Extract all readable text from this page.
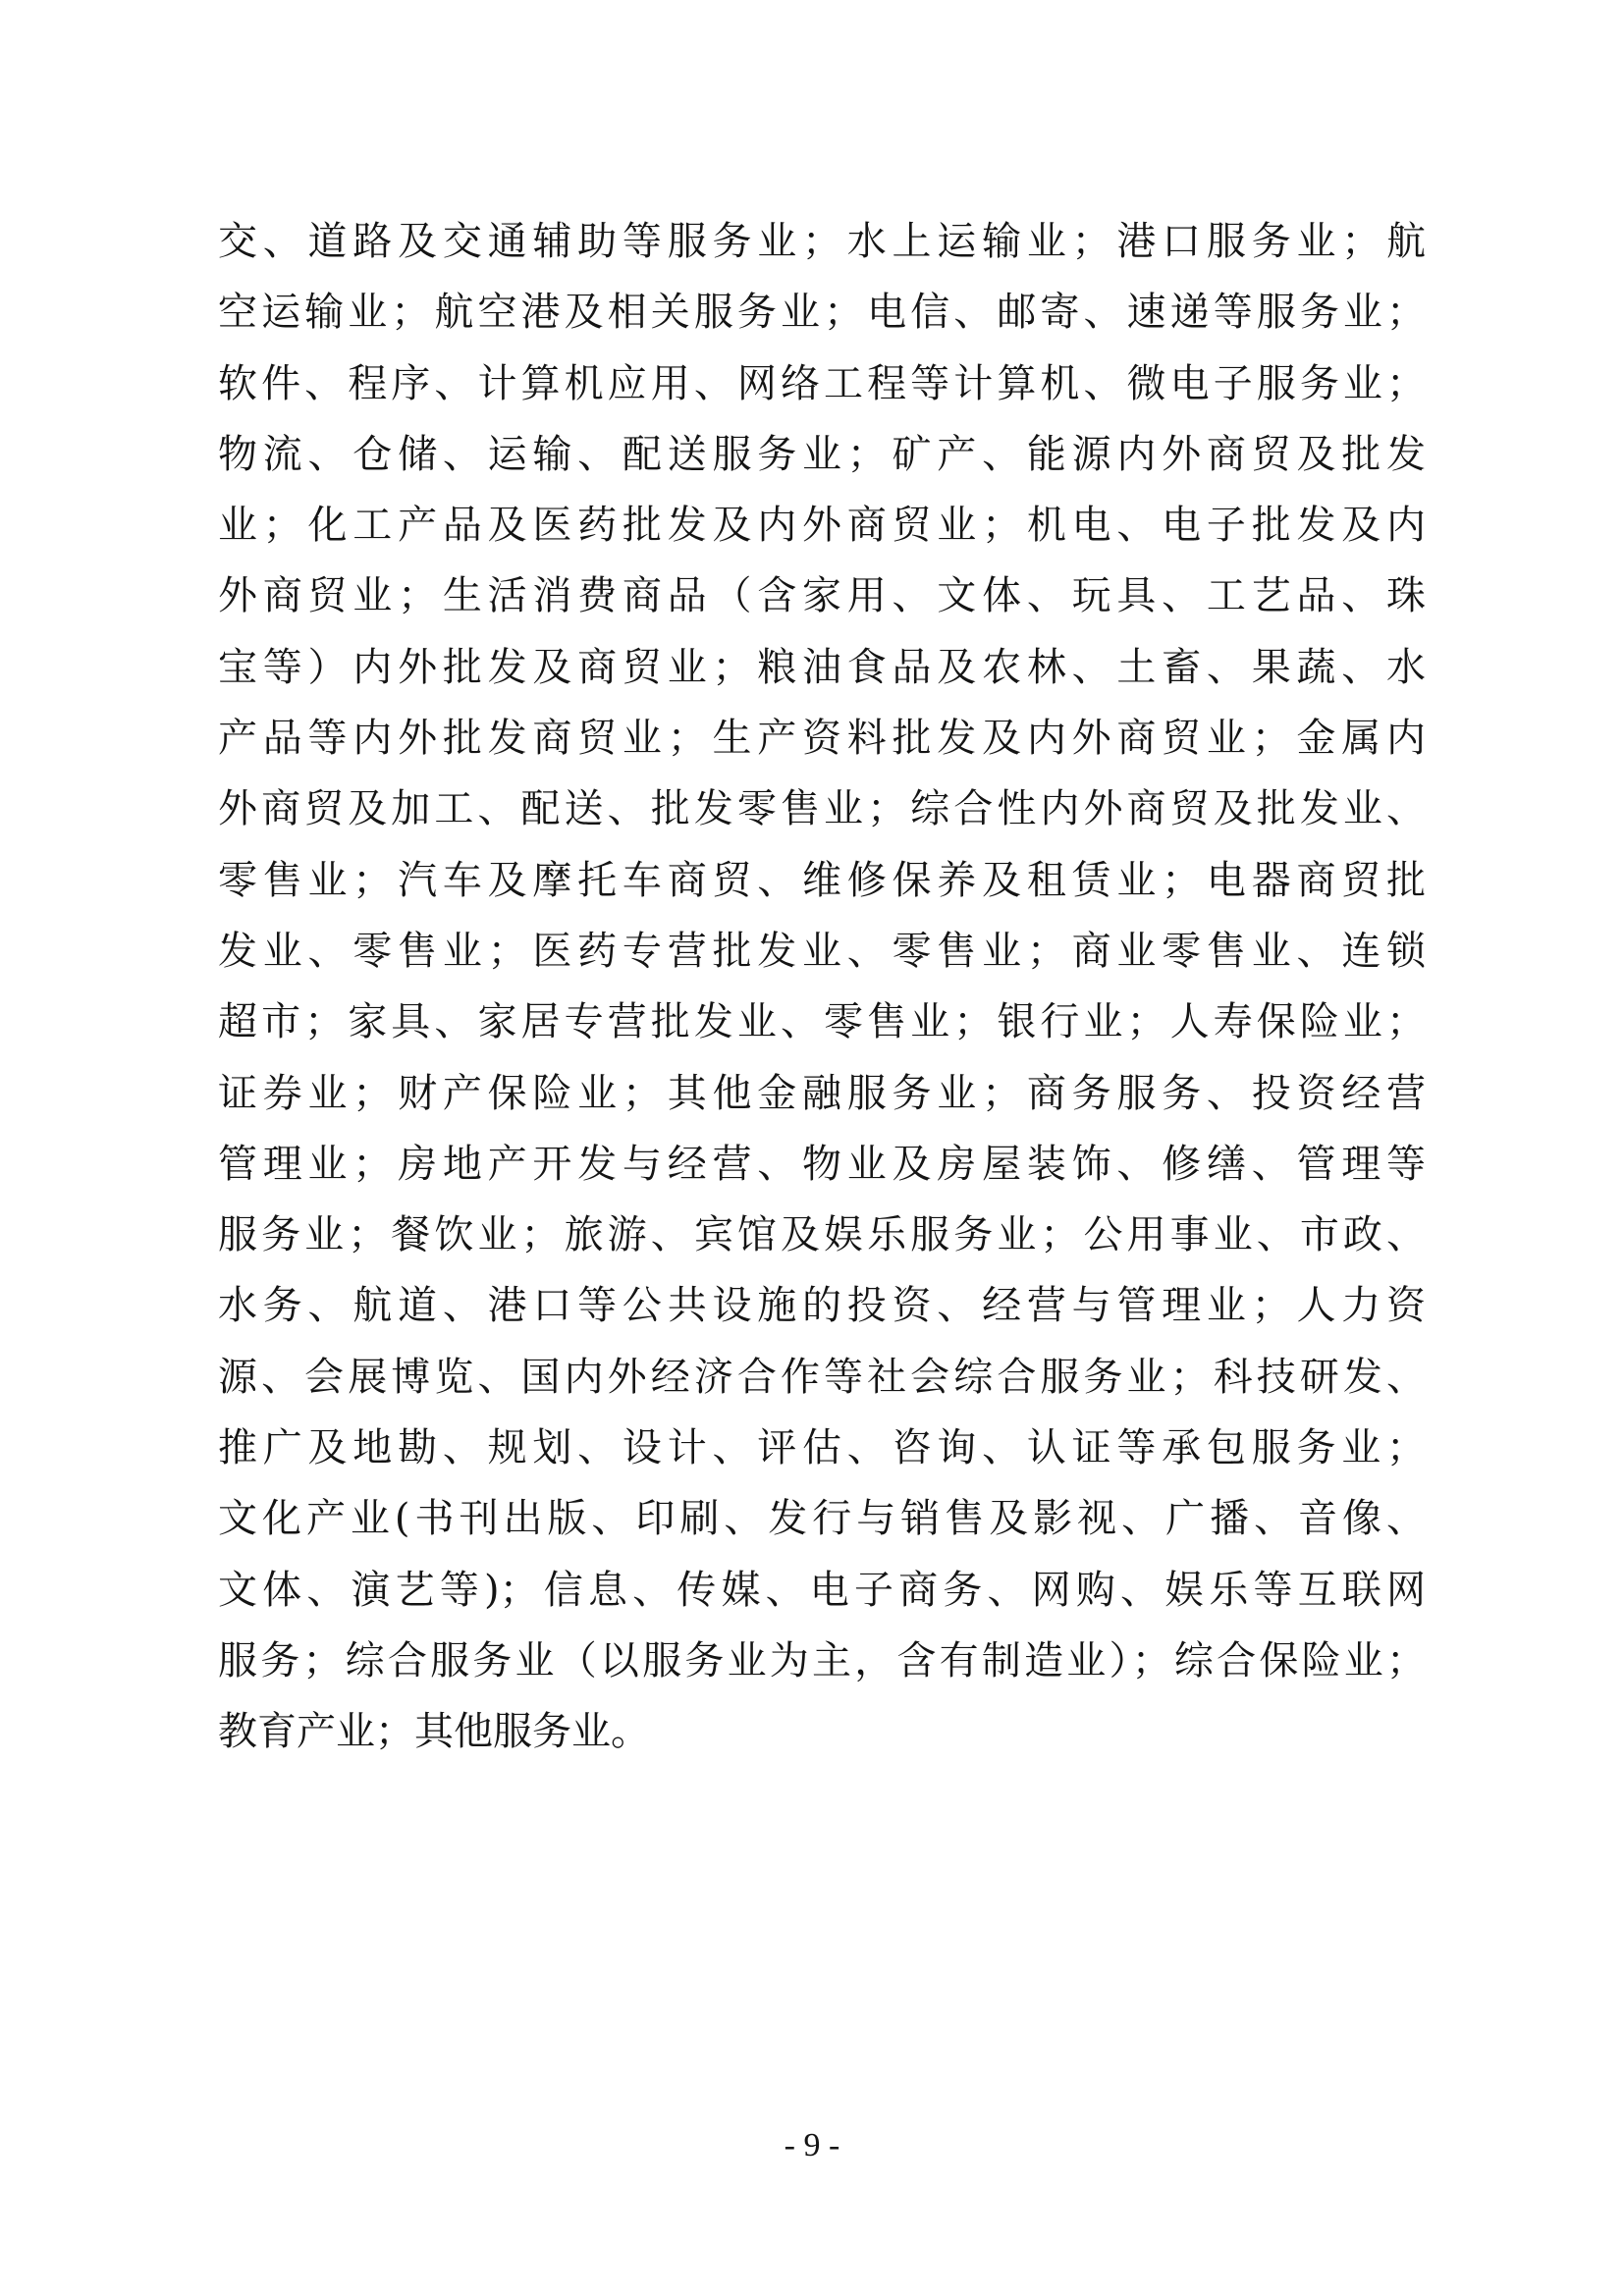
交、道路及交通辅助等服务业；水上运输业；港口服务业；航
空运输业；航空港及相关服务业；电信、邮寄、速递等服务业；
软件、程序、计算机应用、网络工程等计算机、微电子服务业；
物流、仓储、运输、配送服务业；矿产、能源内外商贸及批发
业；化工产品及医药批发及内外商贸业；机电、电子批发及内
外商贸业；生活消费商品（含家用、文体、玩具、工艺品、珠
宝等）内外批发及商贸业；粮油食品及农林、土畜、果蔬、水
产品等内外批发商贸业；生产资料批发及内外商贸业；金属内
外商贸及加工、配送、批发零售业；综合性内外商贸及批发业、
零售业；汽车及摩托车商贸、维修保养及租赁业；电器商贸批
发业、零售业；医药专营批发业、零售业；商业零售业、连锁
超市；家具、家居专营批发业、零售业；银行业；人寿保险业；
证券业；财产保险业；其他金融服务业；商务服务、投资经营
管理业；房地产开发与经营、物业及房屋装饰、修缮、管理等
服务业；餐饮业；旅游、宾馆及娱乐服务业；公用事业、市政、
水务、航道、港口等公共设施的投资、经营与管理业；人力资
源、会展博览、国内外经济合作等社会综合服务业；科技研发、
推广及地勘、规划、设计、评估、咨询、认证等承包服务业；
文化产业(书刊出版、印刷、发行与销售及影视、广播、音像、
文体、演艺等)；信息、传媒、电子商务、网购、娱乐等互联网
服务；综合服务业（以服务业为主，含有制造业）；综合保险业；
教育产业；其他服务业。
- 9 -
